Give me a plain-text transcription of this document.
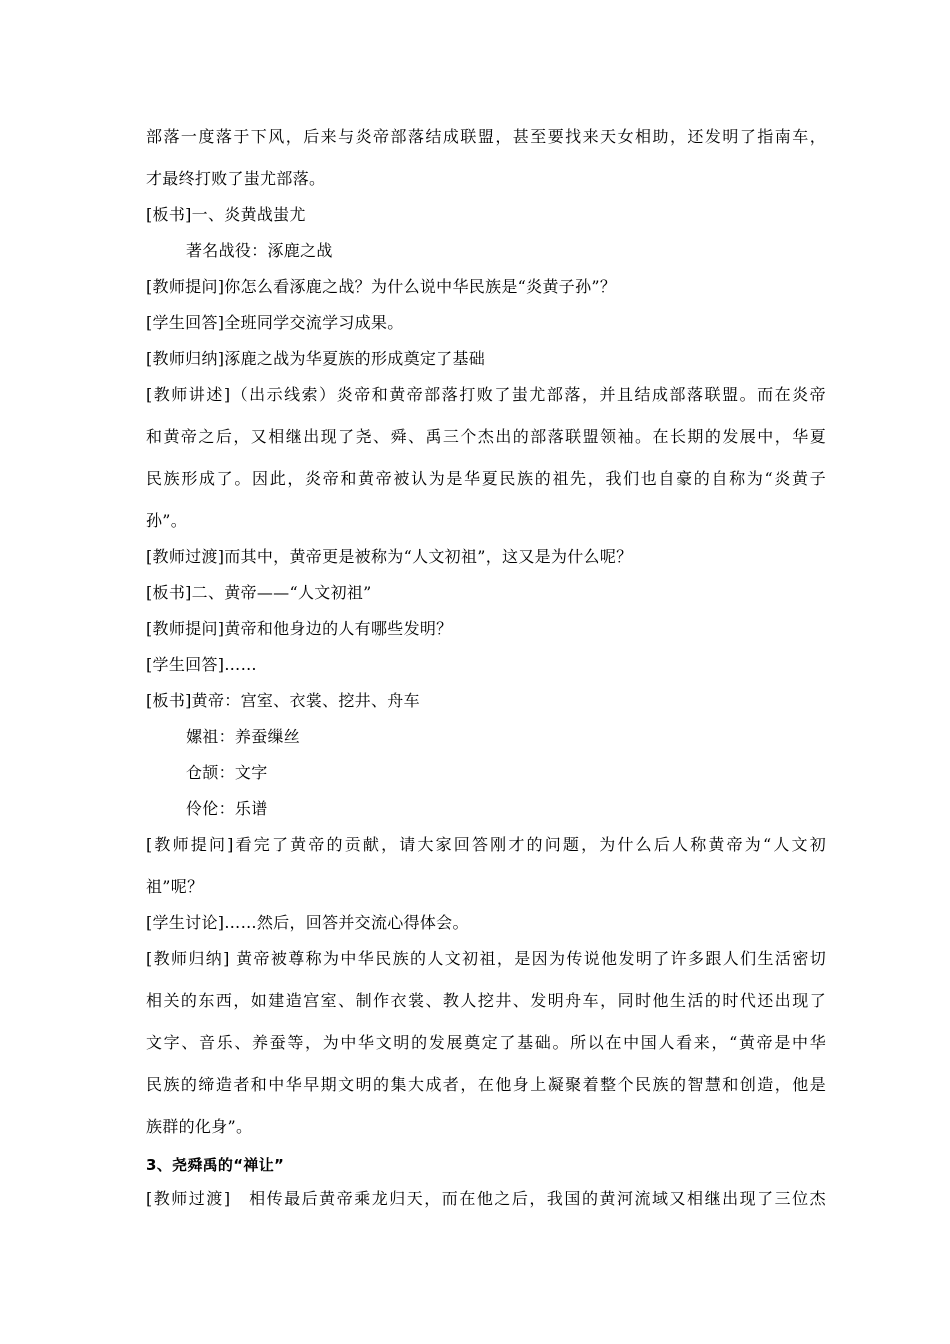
部落一度落于下风，后来与炎帝部落结成联盟，甚至要找来天女相助，还发明了指南车，
才最终打败了蚩尤部落。
[板书]一、炎黄战蚩尤
著名战役：涿鹿之战
[教师提问]你怎么看涿鹿之战？为什么说中华民族是“炎黄子孙”？
[学生回答]全班同学交流学习成果。
[教师归纳]涿鹿之战为华夏族的形成奠定了基础
[教师讲述]（出示线索）炎帝和黄帝部落打败了蚩尤部落，并且结成部落联盟。而在炎帝
和黄帝之后，又相继出现了尧、舜、禹三个杰出的部落联盟领袖。在长期的发展中，华夏
民族形成了。因此，炎帝和黄帝被认为是华夏民族的祖先，我们也自豪的自称为“炎黄子
孙”。
[教师过渡]而其中，黄帝更是被称为“人文初祖”，这又是为什么呢？
[板书]二、黄帝——“人文初祖”
[教师提问]黄帝和他身边的人有哪些发明？
[学生回答]……
[板书]黄帝：宫室、衣裳、挖井、舟车
嫘祖：养蚕缫丝
仓颉：文字
伶伦：乐谱
[教师提问]看完了黄帝的贡献，请大家回答刚才的问题，为什么后人称黄帝为“人文初
祖”呢？
[学生讨论]……然后，回答并交流心得体会。
[教师归纳] 黄帝被尊称为中华民族的人文初祖，是因为传说他发明了许多跟人们生活密切
相关的东西，如建造宫室、制作衣裳、教人挖井、发明舟车，同时他生活的时代还出现了
文字、音乐、养蚕等，为中华文明的发展奠定了基础。所以在中国人看来，“黄帝是中华
民族的缔造者和中华早期文明的集大成者，在他身上凝聚着整个民族的智慧和创造，他是
族群的化身”。
3、尧舜禹的“禅让”
[教师过渡]　相传最后黄帝乘龙归天，而在他之后，我国的黄河流域又相继出现了三位杰
